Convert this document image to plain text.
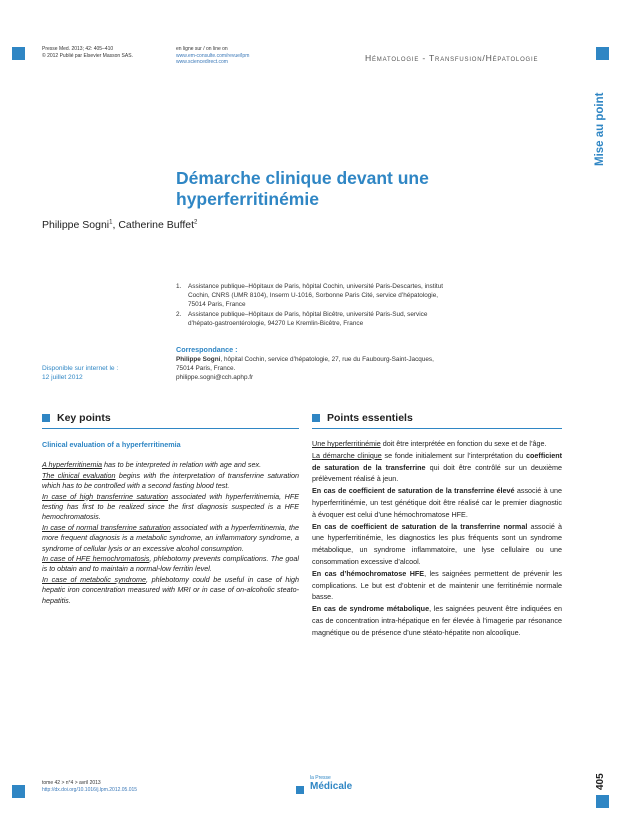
Presse Med. 2013; 42: 405–410
© 2012 Publié par Elsevier Masson SAS.
en ligne sur / on line on
www.em-consulte.com/revue/lpm
www.sciencedirect.com	Hématologie - Transfusion/Hépatologie
Mise au point
Démarche clinique devant une
hyperferritinémie
Philippe Sogni$^1$, Catherine Buffet$^2$
1.	Assistance publique–Hôpitaux de Paris, hôpital Cochin, université Paris-Descartes, institut Cochin, CNRS (UMR 8104), Inserm U-1016, Sorbonne Paris Cité, service d’hépatologie, 75014 Paris, France
2.	Assistance publique–Hôpitaux de Paris, hôpital Bicêtre, université Paris-Sud, service d’hépato-gastroentérologie, 94270 Le Kremlin-Bicêtre, France
Correspondance :
Philippe Sogni, hôpital Cochin, service d’hépatologie, 27, rue du Faubourg-Saint-Jacques, 75014 Paris, France.
philippe.sogni@cch.aphp.fr
Disponible sur internet le :
12 juillet 2012
Key points

Clinical evaluation of a hyperferritinemia

A hyperferritinemia has to be interpreted in relation with age and sex.

The clinical evaluation begins with the interpretation of transferrine saturation which has to be controlled with a second fasting blood test.

In case of high transferrine saturation associated with hyperferritinemia, HFE testing has first to be realized since the first diagnosis suspected is a HFE hemochromatosis.

In case of normal transferrine saturation associated with a hyperferritinemia, the more frequent diagnosis is a metabolic syndrome, an inflammatory syndrome, a syndrome of cellular lysis or an excessive alcohol consumption.

In case of HFE hemochromatosis, phlebotomy prevents complications. The goal is to obtain and to maintain a normal-low ferritin level.

In case of metabolic syndrome, phlebotomy could be useful in case of high hepatic iron concentration measured with MRI or in case of on-alcoholic steato-hepatitis.

Points essentiels

Une hyperferritinémie doit être interprétée en fonction du sexe et de l’âge.

La démarche clinique se fonde initialement sur l’interprétation du coefficient de saturation de la transferrine qui doit être contrôlé sur un deuxième prélèvement réalisé à jeun.

En cas de coefficient de saturation de la transferrine élevé associé à une hyperferritinémie, un test génétique doit être réalisé car le premier diagnostic à évoquer est celui d’une hémochromatose HFE.

En cas de coefficient de saturation de la transferrine normal associé à une hyperferritinémie, les diagnostics les plus fréquents sont un syndrome métabolique, un syndrome inflammatoire, une lyse cellulaire ou une consommation excessive d’alcool.

En cas d’hémochromatose HFE, les saignées permettent de prévenir les complications. Le but est d’obtenir et de maintenir une ferritinémie normale basse.

En cas de syndrome métabolique, les saignées peuvent être indiquées en cas de concentration intra-hépatique en fer élevée à l’imagerie par résonance magnétique ou de présence d’une stéato-hépatite non alcoolique.

tome 42 > n°4 > avril 2013
http://dx.doi.org/10.1016/j.lpm.2012.05.015
la Presse
Médicale	405
